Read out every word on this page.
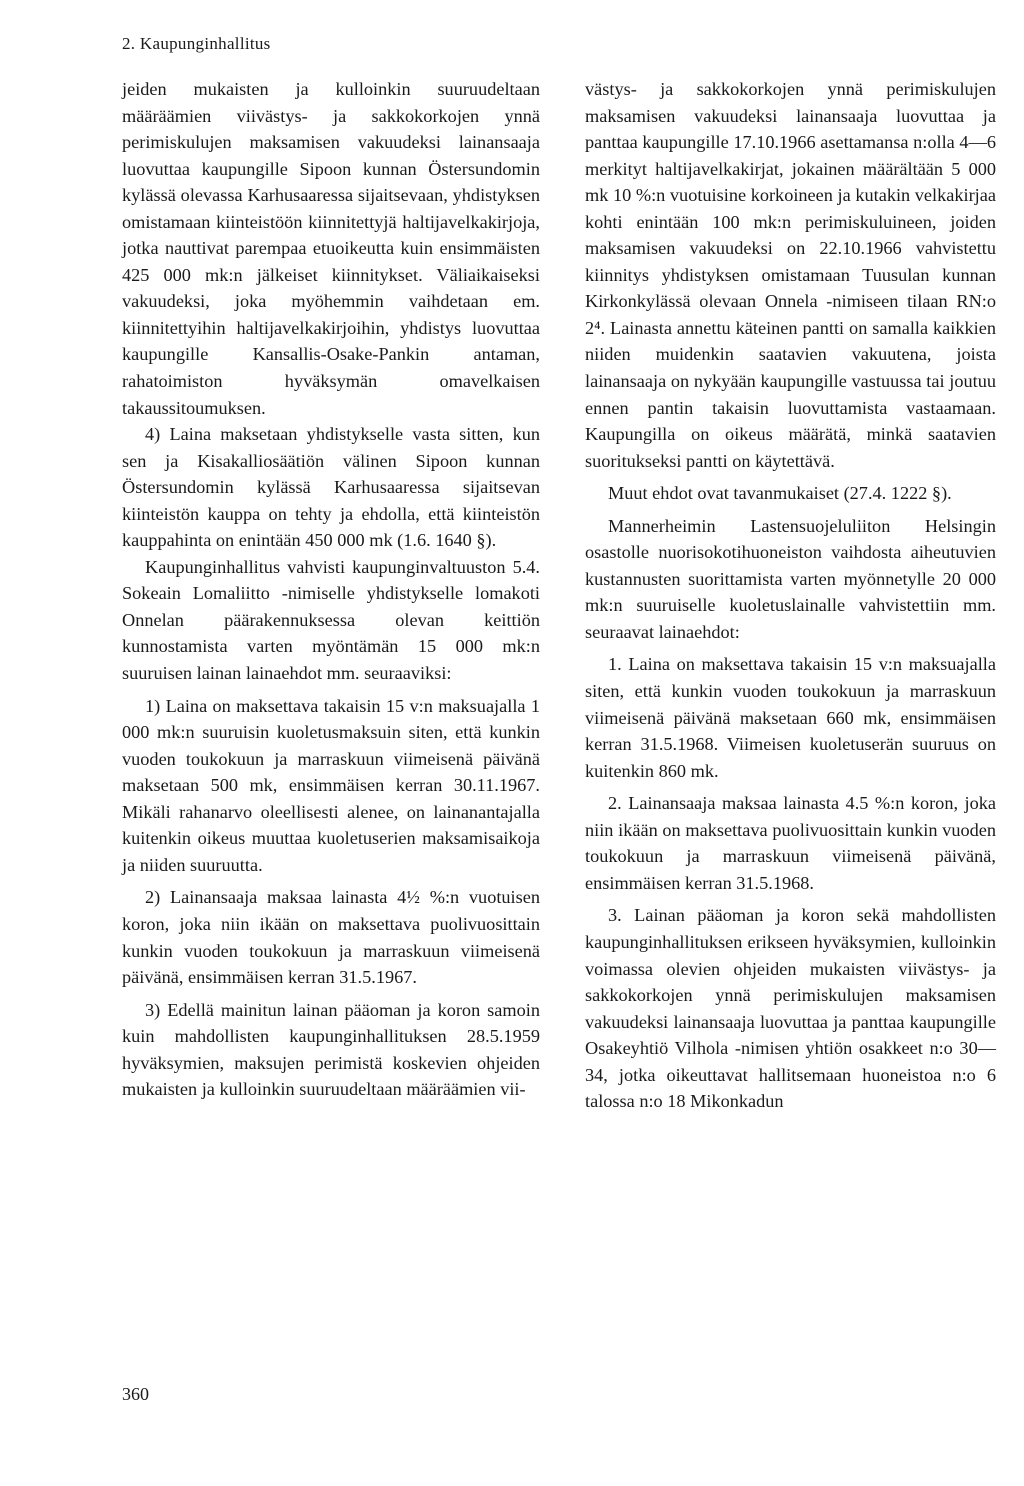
2. Kaupunginhallitus

jeiden mukaisten ja kulloinkin suuruudeltaan määräämien viivästys- ja sakkokorkojen ynnä perimiskulujen maksamisen vakuudeksi lainansaaja luovuttaa kaupungille Sipoon kunnan Östersundomin kylässä olevassa Karhusaaressa sijaitsevaan, yhdistyksen omistamaan kiinteistöön kiinnitettyjä haltijavelkakirjoja, jotka nauttivat parempaa etuoikeutta kuin ensimmäisten 425 000 mk:n jälkeiset kiinnitykset. Väliaikaiseksi vakuudeksi, joka myöhemmin vaihdetaan em. kiinnitettyihin haltijavelkakirjoihin, yhdistys luovuttaa kaupungille Kansallis-Osake-Pankin antaman, rahatoimiston hyväksymän omavelkaisen takaussitoumuksen.

4) Laina maksetaan yhdistykselle vasta sitten, kun sen ja Kisakalliosäätiön välinen Sipoon kunnan Östersundomin kylässä Karhusaaressa sijaitsevan kiinteistön kauppa on tehty ja ehdolla, että kiinteistön kauppahinta on enintään 450 000 mk (1.6. 1640 §).

Kaupunginhallitus vahvisti kaupunginvaltuuston 5.4. Sokeain Lomaliitto -nimiselle yhdistykselle lomakoti Onnelan päärakennuksessa olevan keittiön kunnostamista varten myöntämän 15 000 mk:n suuruisen lainan lainaehdot mm. seuraaviksi:

1) Laina on maksettava takaisin 15 v:n maksuajalla 1 000 mk:n suuruisin kuoletusmaksuin siten, että kunkin vuoden toukokuun ja marraskuun viimeisenä päivänä maksetaan 500 mk, ensimmäisen kerran 30.11.1967. Mikäli rahanarvo oleellisesti alenee, on lainanantajalla kuitenkin oikeus muuttaa kuoletuserien maksamisaikoja ja niiden suuruutta.

2) Lainansaaja maksaa lainasta 4½ %:n vuotuisen koron, joka niin ikään on maksettava puolivuosittain kunkin vuoden toukokuun ja marraskuun viimeisenä päivänä, ensimmäisen kerran 31.5.1967.

3) Edellä mainitun lainan pääoman ja koron samoin kuin mahdollisten kaupunginhallituksen 28.5.1959 hyväksymien, maksujen perimistä koskevien ohjeiden mukaisten ja kulloinkin suuruudeltaan määräämien vii-

västys- ja sakkokorkojen ynnä perimiskulujen maksamisen vakuudeksi lainansaaja luovuttaa ja panttaa kaupungille 17.10.1966 asettamansa n:olla 4—6 merkityt haltijavelkakirjat, jokainen määrältään 5 000 mk 10 %:n vuotuisine korkoineen ja kutakin velkakirjaa kohti enintään 100 mk:n perimiskuluineen, joiden maksamisen vakuudeksi on 22.10.1966 vahvistettu kiinnitys yhdistyksen omistamaan Tuusulan kunnan Kirkonkylässä olevaan Onnela -nimiseen tilaan RN:o 2⁴. Lainasta annettu käteinen pantti on samalla kaikkien niiden muidenkin saatavien vakuutena, joista lainansaaja on nykyään kaupungille vastuussa tai joutuu ennen pantin takaisin luovuttamista vastaamaan. Kaupungilla on oikeus määrätä, minkä saatavien suoritukseksi pantti on käytettävä.

Muut ehdot ovat tavanmukaiset (27.4. 1222 §).

Mannerheimin Lastensuojeluliiton Helsingin osastolle nuorisokotihuoneiston vaihdosta aiheutuvien kustannusten suorittamista varten myönnetylle 20 000 mk:n suuruiselle kuoletuslainalle vahvistettiin mm. seuraavat lainaehdot:

1. Laina on maksettava takaisin 15 v:n maksuajalla siten, että kunkin vuoden toukokuun ja marraskuun viimeisenä päivänä maksetaan 660 mk, ensimmäisen kerran 31.5.1968. Viimeisen kuoletuserän suuruus on kuitenkin 860 mk.

2. Lainansaaja maksaa lainasta 4.5 %:n koron, joka niin ikään on maksettava puolivuosittain kunkin vuoden toukokuun ja marraskuun viimeisenä päivänä, ensimmäisen kerran 31.5.1968.

3. Lainan pääoman ja koron sekä mahdollisten kaupunginhallituksen erikseen hyväksymien, kulloinkin voimassa olevien ohjeiden mukaisten viivästys- ja sakkokorkojen ynnä perimiskulujen maksamisen vakuudeksi lainansaaja luovuttaa ja panttaa kaupungille Osakeyhtiö Vilhola -nimisen yhtiön osakkeet n:o 30—34, jotka oikeuttavat hallitsemaan huoneistoa n:o 6 talossa n:o 18 Mikonkadun

360
